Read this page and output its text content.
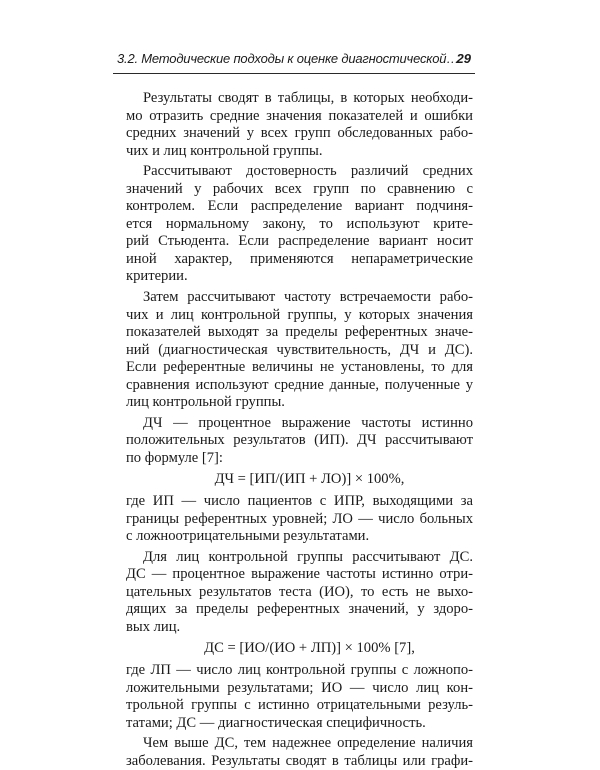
3.2. Методические подходы к оценке диагностической…
29
Результаты сводят в таблицы, в которых необходи-
мо отразить средние значения показателей и ошибки
средних значений у всех групп обследованных рабо-
чих и лиц контрольной группы.
Рассчитывают достоверность различий средних
значений у рабочих всех групп по сравнению с
контролем. Если распределение вариант подчиня-
ется нормальному закону, то используют крите-
рий Стьюдента. Если распределение вариант носит
иной характер, применяются непараметрические
критерии.
Затем рассчитывают частоту встречаемости рабо-
чих и лиц контрольной группы, у которых значения
показателей выходят за пределы референтных значе-
ний (диагностическая чувствительность, ДЧ и ДС).
Если референтные величины не установлены, то для
сравнения используют средние данные, полученные у
лиц контрольной группы.
ДЧ — процентное выражение частоты истинно
положительных результатов (ИП). ДЧ рассчитывают
по формуле [7]:
ДЧ = [ИП/(ИП + ЛО)] × 100%,
где ИП — число пациентов с ИПР, выходящими за
границы референтных уровней; ЛО — число больных
с ложноотрицательными результатами.
Для лиц контрольной группы рассчитывают ДС.
ДС — процентное выражение частоты истинно отри-
цательных результатов теста (ИО), то есть не выхо-
дящих за пределы референтных значений, у здоро-
вых лиц.
ДС = [ИО/(ИО + ЛП)] × 100% [7],
где ЛП — число лиц контрольной группы с ложнопо-
ложительными результатами; ИО — число лиц кон-
трольной группы с истинно отрицательными резуль-
татами; ДС — диагностическая специфичность.
Чем выше ДС, тем надежнее определение наличия
заболевания. Результаты сводят в таблицы или графи-
